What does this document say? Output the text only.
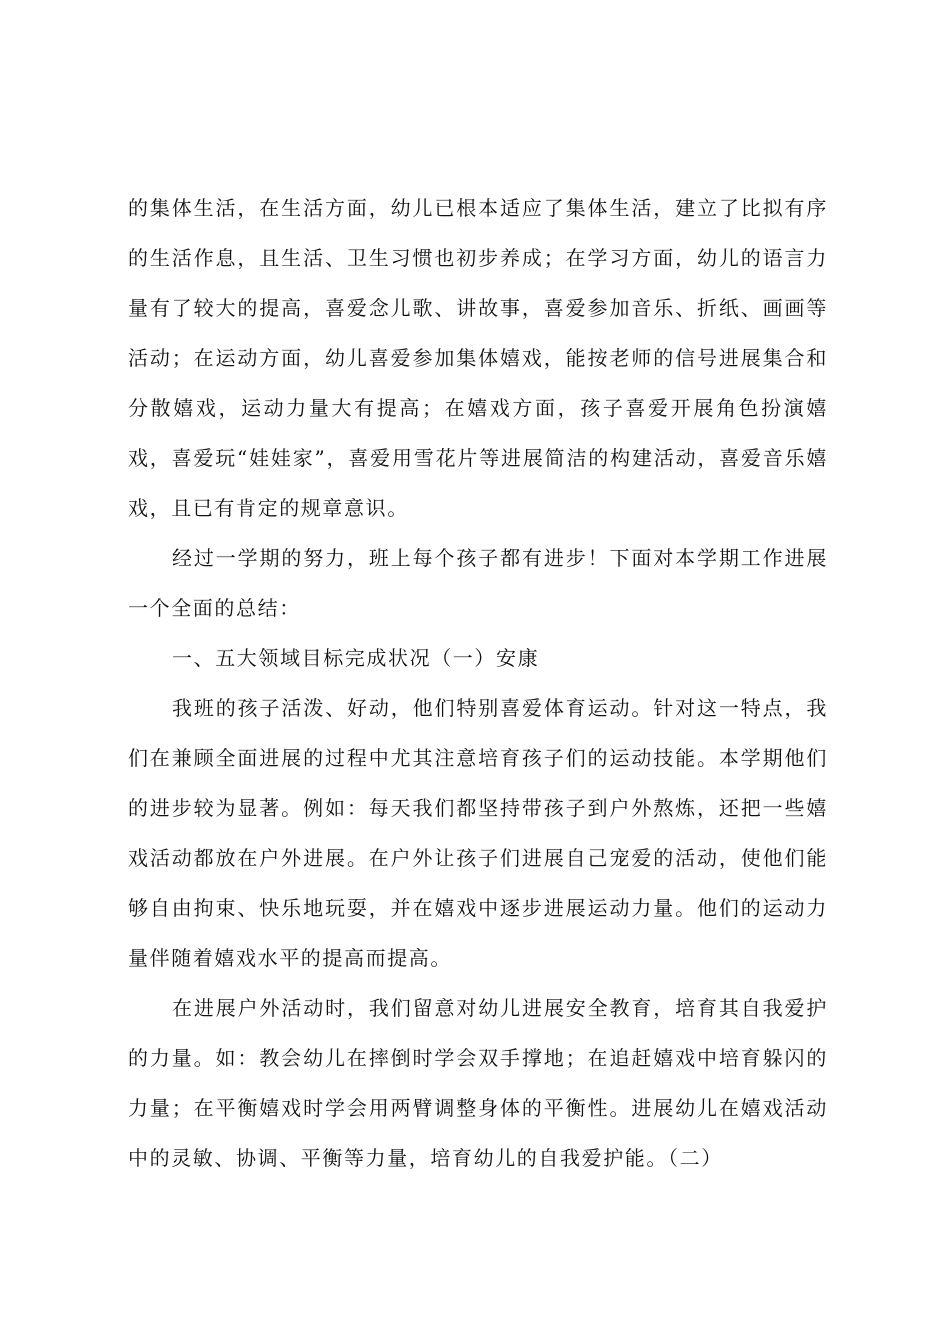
的集体生活，在生活方面，幼儿已根本适应了集体生活，建立了比拟有序的生活作息，且生活、卫生习惯也初步养成；在学习方面，幼儿的语言力量有了较大的提高，喜爱念儿歌、讲故事，喜爱参加音乐、折纸、画画等活动；在运动方面，幼儿喜爱参加集体嬉戏，能按老师的信号进展集合和分散嬉戏，运动力量大有提高；在嬉戏方面，孩子喜爱开展角色扮演嬉戏，喜爱玩“娃娃家”，喜爱用雪花片等进展简洁的构建活动，喜爱音乐嬉戏，且已有肯定的规章意识。

经过一学期的努力，班上每个孩子都有进步！下面对本学期工作进展一个全面的总结：

一、五大领域目标完成状况（一）安康

我班的孩子活泼、好动，他们特别喜爱体育运动。针对这一特点，我们在兼顾全面进展的过程中尤其注意培育孩子们的运动技能。本学期他们的进步较为显著。例如：每天我们都坚持带孩子到户外熬炼，还把一些嬉戏活动都放在户外进展。在户外让孩子们进展自己宠爱的活动，使他们能够自由拘束、快乐地玩耍，并在嬉戏中逐步进展运动力量。他们的运动力量伴随着嬉戏水平的提高而提高。

在进展户外活动时，我们留意对幼儿进展安全教育，培育其自我爱护的力量。如：教会幼儿在摔倒时学会双手撑地；在追赶嬉戏中培育躲闪的力量；在平衡嬉戏时学会用两臂调整身体的平衡性。进展幼儿在嬉戏活动中的灵敏、协调、平衡等力量，培育幼儿的自我爱护能。（二）
